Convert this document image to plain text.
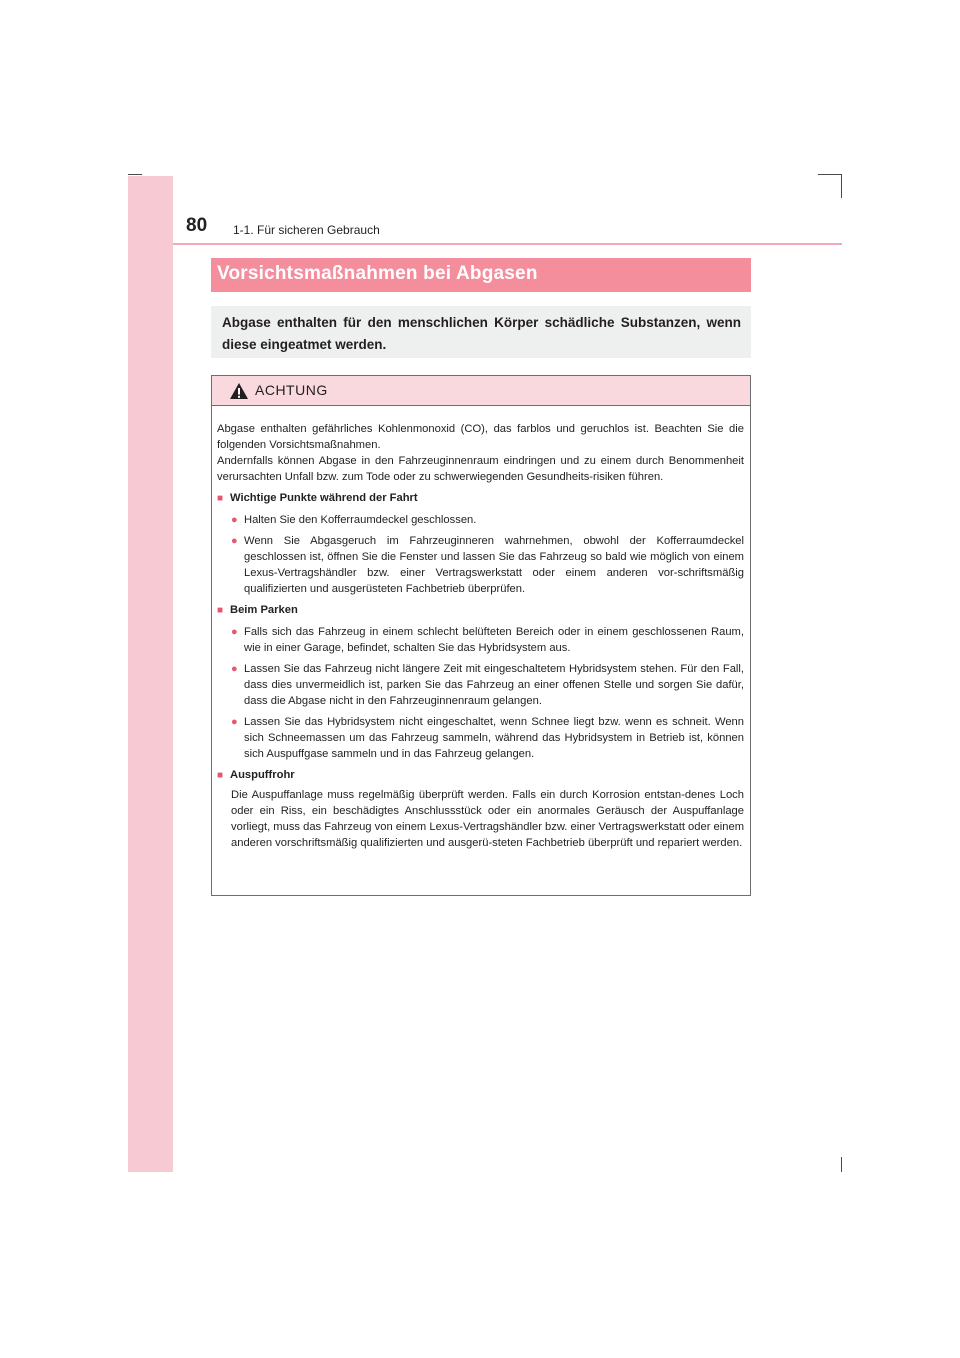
80 1-1. Für sicheren Gebrauch
Vorsichtsmaßnahmen bei Abgasen
Abgase enthalten für den menschlichen Körper schädliche Substanzen, wenn diese eingeatmet werden.
ACHTUNG

Abgase enthalten gefährliches Kohlenmonoxid (CO), das farblos und geruchlos ist. Beachten Sie die folgenden Vorsichtsmaßnahmen.

Andernfalls können Abgase in den Fahrzeuginnenraum eindringen und zu einem durch Benommenheit verursachten Unfall bzw. zum Tode oder zu schwerwiegenden Gesundheits-risiken führen.

■ Wichtige Punkte während der Fahrt
● Halten Sie den Kofferraumdeckel geschlossen.
● Wenn Sie Abgasgeruch im Fahrzeuginneren wahrnehmen, obwohl der Kofferraumdeckel geschlossen ist, öffnen Sie die Fenster und lassen Sie das Fahrzeug so bald wie möglich von einem Lexus-Vertragshändler bzw. einer Vertragswerkstatt oder einem anderen vor-schriftsmäßig qualifizierten und ausgerüsteten Fachbetrieb überprüfen.
■ Beim Parken
● Falls sich das Fahrzeug in einem schlecht belüfteten Bereich oder in einem geschlossenen Raum, wie in einer Garage, befindet, schalten Sie das Hybridsystem aus.
● Lassen Sie das Fahrzeug nicht längere Zeit mit eingeschaltetem Hybridsystem stehen. Für den Fall, dass dies unvermeidlich ist, parken Sie das Fahrzeug an einer offenen Stelle und sorgen Sie dafür, dass die Abgase nicht in den Fahrzeuginnenraum gelangen.
● Lassen Sie das Hybridsystem nicht eingeschaltet, wenn Schnee liegt bzw. wenn es schneit. Wenn sich Schneemassen um das Fahrzeug sammeln, während das Hybridsystem in Betrieb ist, können sich Auspuffgase sammeln und in das Fahrzeug gelangen.
■ Auspuffrohr

Die Auspuffanlage muss regelmäßig überprüft werden. Falls ein durch Korrosion entstan-denes Loch oder ein Riss, ein beschädigtes Anschlussstück oder ein anormales Geräusch der Auspuffanlage vorliegt, muss das Fahrzeug von einem Lexus-Vertragshändler bzw. einer Vertragswerkstatt oder einem anderen vorschriftsmäßig qualifizierten und ausgerü-steten Fachbetrieb überprüft und repariert werden.
